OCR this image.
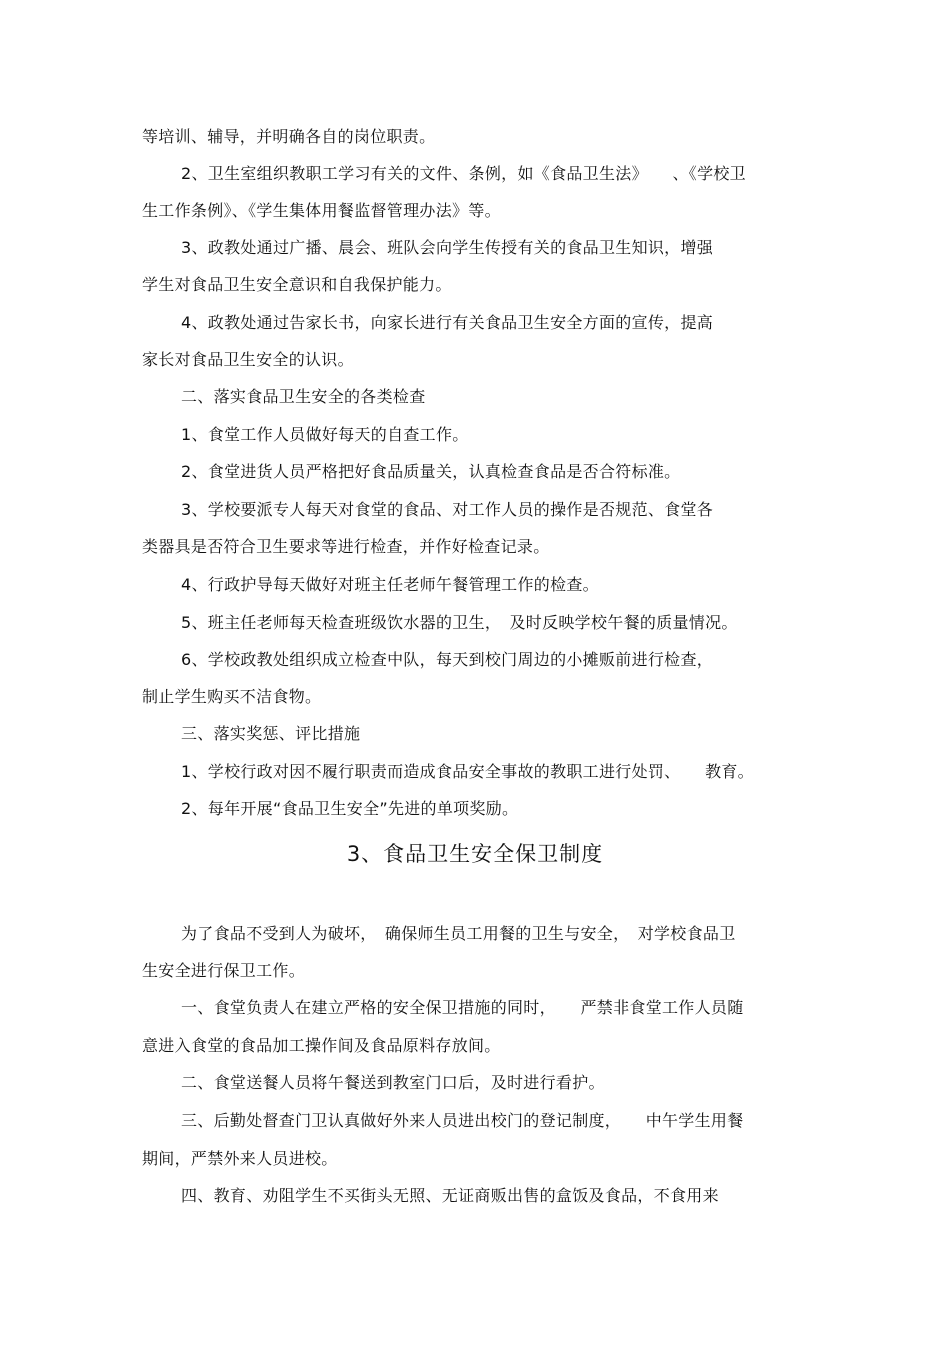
等培训、辅导，并明确各自的岗位职责。
2、卫生室组织教职工学习有关的文件、条例，如《食品卫生法》　　、《学校卫
生工作条例》、《学生集体用餐监督管理办法》等。
3、政教处通过广播、晨会、班队会向学生传授有关的食品卫生知识，增强
学生对食品卫生安全意识和自我保护能力。
4、政教处通过告家长书，向家长进行有关食品卫生安全方面的宣传，提高
家长对食品卫生安全的认识。
二、落实食品卫生安全的各类检查
1、食堂工作人员做好每天的自查工作。
2、食堂进货人员严格把好食品质量关，认真检查食品是否合符标准。
3、学校要派专人每天对食堂的食品、对工作人员的操作是否规范、食堂各
类器具是否符合卫生要求等进行检查，并作好检查记录。
4、行政护导每天做好对班主任老师午餐管理工作的检查。
5、班主任老师每天检查班级饮水器的卫生，　及时反映学校午餐的质量情况。
6、学校政教处组织成立检查中队，每天到校门周边的小摊贩前进行检查，
制止学生购买不洁食物。
三、落实奖惩、评比措施
1、学校行政对因不履行职责而造成食品安全事故的教职工进行处罚、　　教育。
2、每年开展“食品卫生安全”先进的单项奖励。
3、食品卫生安全保卫制度
为了食品不受到人为破坏，　确保师生员工用餐的卫生与安全，　对学校食品卫
生安全进行保卫工作。
一、食堂负责人在建立严格的安全保卫措施的同时，　　严禁非食堂工作人员随
意进入食堂的食品加工操作间及食品原料存放间。
二、食堂送餐人员将午餐送到教室门口后，及时进行看护。
三、后勤处督查门卫认真做好外来人员进出校门的登记制度，　　中午学生用餐
期间，严禁外来人员进校。
四、教育、劝阻学生不买街头无照、无证商贩出售的盒饭及食品，不食用来
